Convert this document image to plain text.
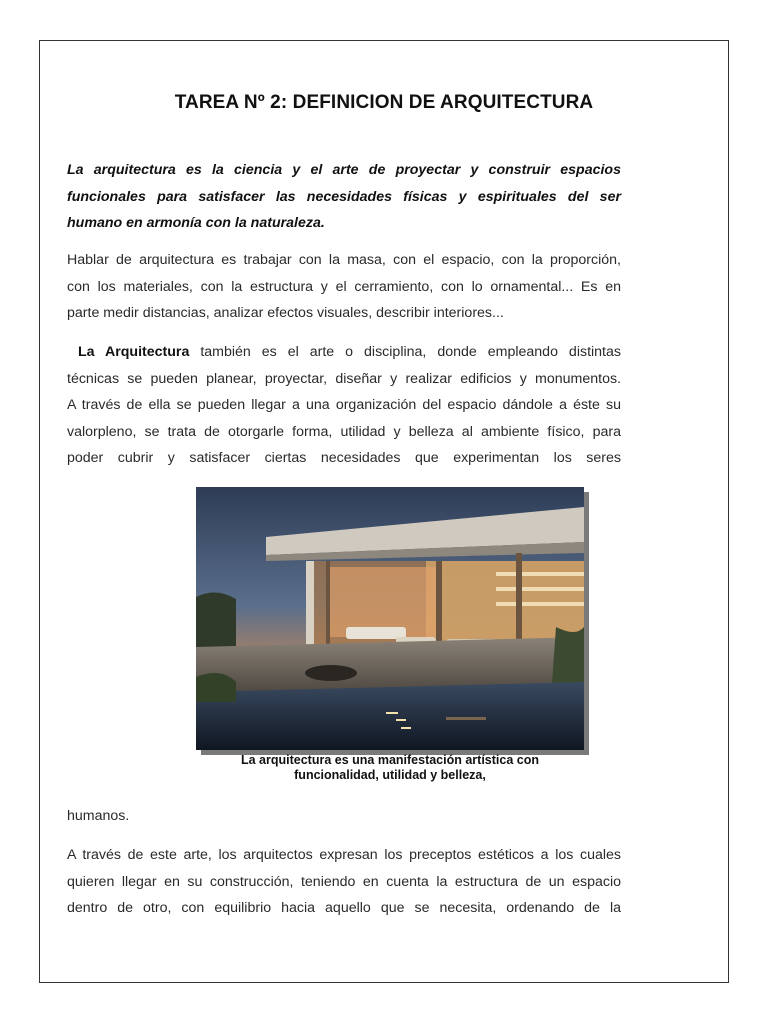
TAREA Nº 2: DEFINICION DE ARQUITECTURA
La arquitectura es la ciencia y el arte de proyectar y construir espacios
funcionales para satisfacer las necesidades físicas y espirituales del ser
humano en armonía con la naturaleza.
Hablar de arquitectura es trabajar con la masa, con el espacio, con la proporción,
con los materiales, con la estructura y el cerramiento, con lo ornamental... Es en
parte medir distancias, analizar efectos visuales, describir interiores...
La Arquitectura también es el arte o disciplina, donde empleando distintas
técnicas se pueden planear, proyectar, diseñar y realizar edificios y monumentos.
A través de ella se pueden llegar a una organización del espacio dándole a éste su
valorpleno, se trata de otorgarle forma, utilidad y belleza al ambiente físico, para
poder cubrir y satisfacer ciertas necesidades que experimentan los seres
La arquitectura es una manifestación artística con
funcionalidad, utilidad y belleza,
humanos.
A través de este arte, los arquitectos expresan los preceptos estéticos a los cuales
quieren llegar en su construcción, teniendo en cuenta la estructura de un espacio
dentro de otro, con equilibrio hacia aquello que se necesita, ordenando de la
